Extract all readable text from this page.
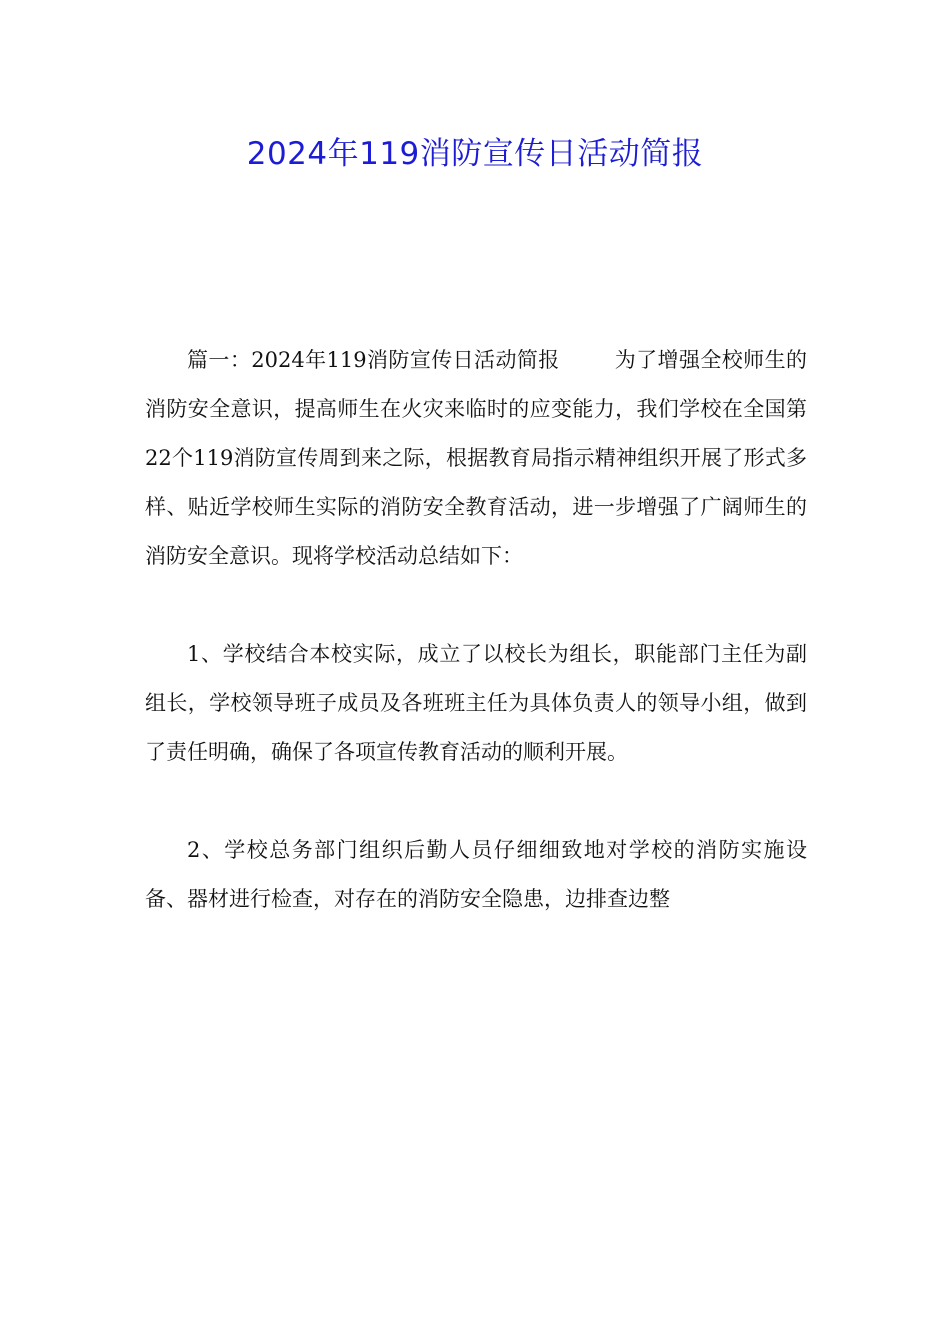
2024年119消防宣传日活动简报

篇一：2024年119消防宣传日活动简报	为了增强全校师生的消防安全意识，提高师生在火灾来临时的应变能力，我们学校在全国第22个119消防宣传周到来之际，根据教育局指示精神组织开展了形式多样、贴近学校师生实际的消防安全教育活动，进一步增强了广阔师生的消防安全意识。现将学校活动总结如下：

1、学校结合本校实际，成立了以校长为组长，职能部门主任为副组长，学校领导班子成员及各班班主任为具体负责人的领导小组，做到了责任明确，确保了各项宣传教育活动的顺利开展。

2、学校总务部门组织后勤人员仔细细致地对学校的消防实施设备、器材进行检查，对存在的消防安全隐患，边排查边整
